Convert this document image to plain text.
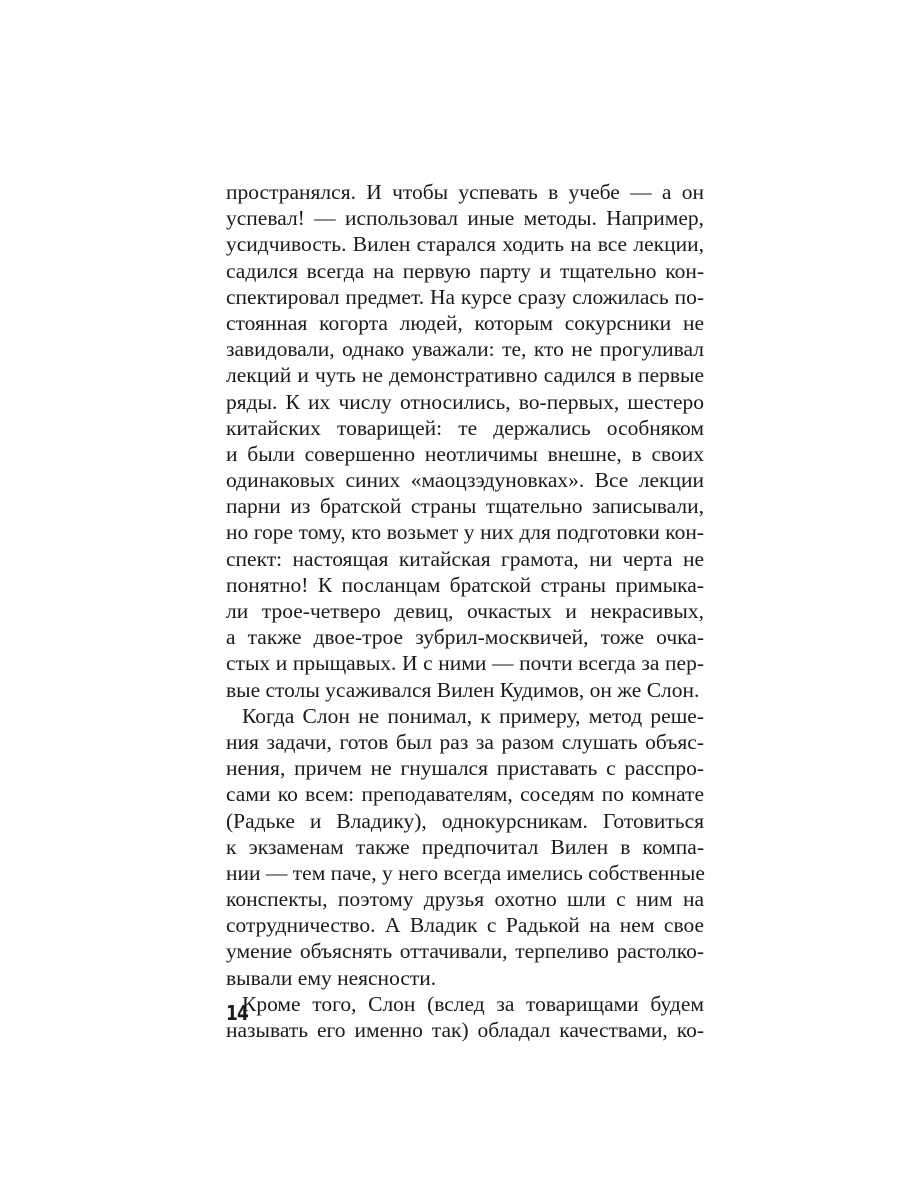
пространялся. И чтобы успевать в учебе — а он
успевал! — использовал иные методы. Например,
усидчивость. Вилен старался ходить на все лекции,
садился всегда на первую парту и тщательно кон-
спектировал предмет. На курсе сразу сложилась по-
стоянная когорта людей, которым сокурсники не
завидовали, однако уважали: те, кто не прогуливал
лекций и чуть не демонстративно садился в первые
ряды. К их числу относились, во-первых, шестеро
китайских товарищей: те держались особняком
и были совершенно неотличимы внешне, в своих
одинаковых синих «маоцзэдуновках». Все лекции
парни из братской страны тщательно записывали,
но горе тому, кто возьмет у них для подготовки кон-
спект: настоящая китайская грамота, ни черта не
понятно! К посланцам братской страны примыка-
ли трое-четверо девиц, очкастых и некрасивых,
а также двое-трое зубрил-москвичей, тоже очка-
стых и прыщавых. И с ними — почти всегда за пер-
вые столы усаживался Вилен Кудимов, он же Слон.
Когда Слон не понимал, к примеру, метод реше-
ния задачи, готов был раз за разом слушать объяс-
нения, причем не гнушался приставать с расспро-
сами ко всем: преподавателям, соседям по комнате
(Радьке и Владику), однокурсникам. Готовиться
к экзаменам также предпочитал Вилен в компа-
нии — тем паче, у него всегда имелись собственные
конспекты, поэтому друзья охотно шли с ним на
сотрудничество. А Владик с Радькой на нем свое
умение объяснять оттачивали, терпеливо растолко-
вывали ему неясности.
Кроме того, Слон (вслед за товарищами будем
называть его именно так) обладал качествами, ко-
14
